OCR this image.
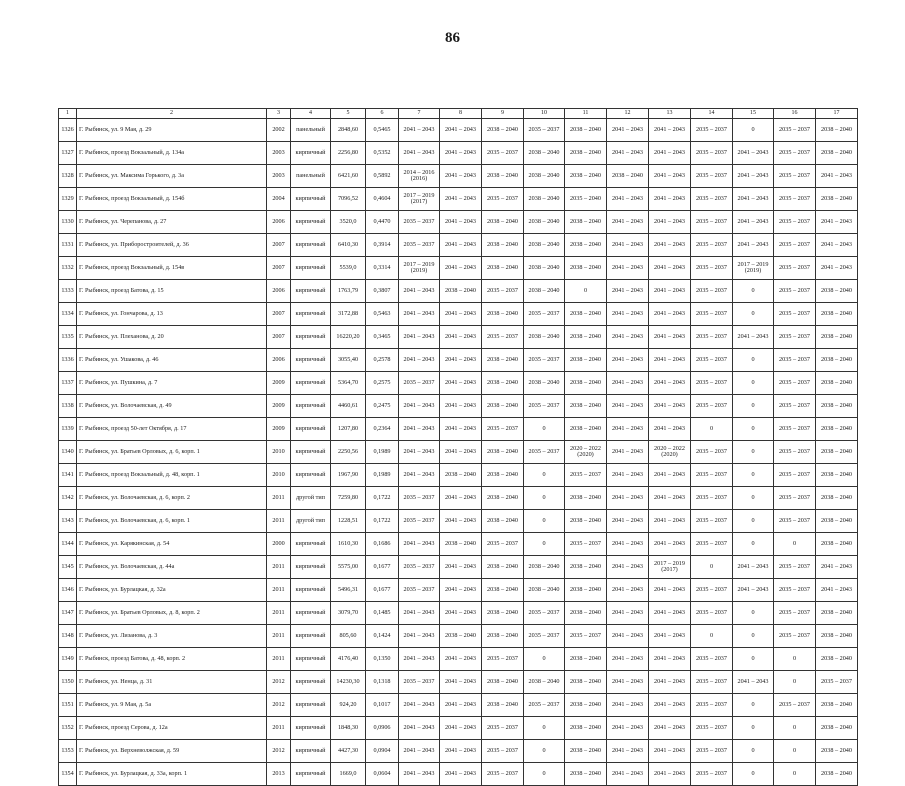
86
1	2	3	4	5	6	7	8	9	10	11	12	13	14	15	16	17
1326	Г. Рыбинск, ул. 9 Мая, д. 29	2002	панельный	2848,60	0,5465	2041 – 2043	2041 – 2043	2038 – 2040	2035 – 2037	2038 – 2040	2041 – 2043	2041 – 2043	2035 – 2037	0	2035 – 2037	2038 – 2040
1327	Г. Рыбинск, проезд Вокзальный, д. 134а	2003	кирпичный	2256,80	0,5352	2041 – 2043	2041 – 2043	2035 – 2037	2038 – 2040	2038 – 2040	2041 – 2043	2041 – 2043	2035 – 2037	2041 – 2043	2035 – 2037	2038 – 2040
1328	Г. Рыбинск, ул. Максима Горького, д. 3а	2003	панельный	6421,60	0,5892	2014 – 2016 (2016)	2041 – 2043	2038 – 2040	2038 – 2040	2038 – 2040	2038 – 2040	2041 – 2043	2035 – 2037	2041 – 2043	2035 – 2037	2041 – 2043
1329	Г. Рыбинск, проезд Вокзальный, д. 154б	2004	кирпичный	7096,52	0,4604	2017 – 2019 (2017)	2041 – 2043	2035 – 2037	2038 – 2040	2035 – 2040	2041 – 2043	2041 – 2043	2035 – 2037	2041 – 2043	2035 – 2037	2038 – 2040
1330	Г. Рыбинск, ул. Черепанова, д. 27	2006	кирпичный	3520,0	0,4470	2035 – 2037	2041 – 2043	2038 – 2040	2038 – 2040	2038 – 2040	2041 – 2043	2041 – 2043	2035 – 2037	2041 – 2043	2035 – 2037	2041 – 2043
1331	Г. Рыбинск, ул. Приборостроителей, д. 36	2007	кирпичный	6410,30	0,3914	2035 – 2037	2041 – 2043	2038 – 2040	2038 – 2040	2038 – 2040	2041 – 2043	2041 – 2043	2035 – 2037	2041 – 2043	2035 – 2037	2041 – 2043
1332	Г. Рыбинск, проезд Вокзальный, д. 154в	2007	кирпичный	5539,0	0,3314	2017 – 2019 (2019)	2041 – 2043	2038 – 2040	2038 – 2040	2038 – 2040	2041 – 2043	2041 – 2043	2035 – 2037	2017 – 2019 (2019)	2035 – 2037	2041 – 2043
1333	Г. Рыбинск, проезд Батова, д. 15	2006	кирпичный	1763,79	0,3807	2041 – 2043	2038 – 2040	2035 – 2037	2038 – 2040	0	2041 – 2043	2041 – 2043	2035 – 2037	0	2035 – 2037	2038 – 2040
1334	Г. Рыбинск, ул. Гончарова, д. 13	2007	кирпичный	3172,88	0,5463	2041 – 2043	2041 – 2043	2038 – 2040	2035 – 2037	2038 – 2040	2041 – 2043	2041 – 2043	2035 – 2037	0	2035 – 2037	2038 – 2040
1335	Г. Рыбинск, ул. Плеханова, д. 20	2007	кирпичный	16220,20	0,3465	2041 – 2043	2041 – 2043	2035 – 2037	2038 – 2040	2038 – 2040	2041 – 2043	2041 – 2043	2035 – 2037	2041 – 2043	2035 – 2037	2038 – 2040
1336	Г. Рыбинск, ул. Ушакова, д. 46	2006	кирпичный	3055,40	0,2578	2041 – 2043	2041 – 2043	2038 – 2040	2035 – 2037	2038 – 2040	2041 – 2043	2041 – 2043	2035 – 2037	0	2035 – 2037	2038 – 2040
1337	Г. Рыбинск, ул. Пушкина, д. 7	2009	кирпичный	5364,70	0,2575	2035 – 2037	2041 – 2043	2038 – 2040	2038 – 2040	2038 – 2040	2041 – 2043	2041 – 2043	2035 – 2037	0	2035 – 2037	2038 – 2040
1338	Г. Рыбинск, ул. Волочаевская, д. 49	2009	кирпичный	4460,61	0,2475	2041 – 2043	2041 – 2043	2038 – 2040	2035 – 2037	2038 – 2040	2041 – 2043	2041 – 2043	2035 – 2037	0	2035 – 2037	2038 – 2040
1339	Г. Рыбинск, проезд 50-лет Октября, д. 17	2009	кирпичный	1207,80	0,2364	2041 – 2043	2041 – 2043	2035 – 2037	0	2038 – 2040	2041 – 2043	2041 – 2043	0	0	2035 – 2037	2038 – 2040
1340	Г. Рыбинск, ул. Братьев Орловых, д. 6, корп. 1	2010	кирпичный	2250,56	0,1989	2041 – 2043	2041 – 2043	2038 – 2040	2035 – 2037	2020 – 2022 (2020)	2041 – 2043	2020 – 2022 (2020)	2035 – 2037	0	2035 – 2037	2038 – 2040
1341	Г. Рыбинск, проезд Вокзальный, д. 48, корп. 1	2010	кирпичный	1967,90	0,1989	2041 – 2043	2038 – 2040	2038 – 2040	0	2035 – 2037	2041 – 2043	2041 – 2043	2035 – 2037	0	2035 – 2037	2038 – 2040
1342	Г. Рыбинск, ул. Волочаевская, д. 6, корп. 2	2011	другой тип	7259,80	0,1722	2035 – 2037	2041 – 2043	2038 – 2040	0	2038 – 2040	2041 – 2043	2041 – 2043	2035 – 2037	0	2035 – 2037	2038 – 2040
1343	Г. Рыбинск, ул. Волочаевская, д. 6, корп. 1	2011	другой тип	1228,51	0,1722	2035 – 2037	2041 – 2043	2038 – 2040	0	2038 – 2040	2041 – 2043	2041 – 2043	2035 – 2037	0	2035 – 2037	2038 – 2040
1344	Г. Рыбинск, ул. Карякинская, д. 54	2000	кирпичный	1610,30	0,1686	2041 – 2043	2038 – 2040	2035 – 2037	0	2035 – 2037	2041 – 2043	2041 – 2043	2035 – 2037	0	0	2038 – 2040
1345	Г. Рыбинск, ул. Волочаевская, д. 44а	2011	кирпичный	5575,00	0,1677	2035 – 2037	2041 – 2043	2038 – 2040	2038 – 2040	2038 – 2040	2041 – 2043	2017 – 2019 (2017)	0	2041 – 2043	2035 – 2037	2041 – 2043
1346	Г. Рыбинск, ул. Бурлацкая, д. 32а	2011	кирпичный	5496,31	0,1677	2035 – 2037	2041 – 2043	2038 – 2040	2038 – 2040	2038 – 2040	2041 – 2043	2041 – 2043	2035 – 2037	2041 – 2043	2035 – 2037	2041 – 2043
1347	Г. Рыбинск, ул. Братьев Орловых, д. 8, корп. 2	2011	кирпичный	3079,70	0,1485	2041 – 2043	2041 – 2043	2038 – 2040	2035 – 2037	2038 – 2040	2041 – 2043	2041 – 2043	2035 – 2037	0	2035 – 2037	2038 – 2040
1348	Г. Рыбинск, ул. Лизанова, д. 3	2011	кирпичный	805,60	0,1424	2041 – 2043	2038 – 2040	2038 – 2040	2035 – 2037	2035 – 2037	2041 – 2043	2041 – 2043	0	0	2035 – 2037	2038 – 2040
1349	Г. Рыбинск, проезд Батова, д. 48, корп. 2	2011	кирпичный	4176,40	0,1350	2041 – 2043	2041 – 2043	2035 – 2037	0	2038 – 2040	2041 – 2043	2041 – 2043	2035 – 2037	0	0	2038 – 2040
1350	Г. Рыбинск, ул. Ненца, д. 31	2012	кирпичный	14230,30	0,1318	2035 – 2037	2041 – 2043	2038 – 2040	2038 – 2040	2038 – 2040	2041 – 2043	2041 – 2043	2035 – 2037	2041 – 2043	0	2035 – 2037
1351	Г. Рыбинск, ул. 9 Мая, д. 5а	2012	кирпичный	924,20	0,1017	2041 – 2043	2041 – 2043	2038 – 2040	2035 – 2037	2038 – 2040	2041 – 2043	2041 – 2043	2035 – 2037	0	2035 – 2037	2038 – 2040
1352	Г. Рыбинск, проезд Серова, д. 12а	2011	кирпичный	1848,30	0,0906	2041 – 2043	2041 – 2043	2035 – 2037	0	2038 – 2040	2041 – 2043	2041 – 2043	2035 – 2037	0	0	2038 – 2040
1353	Г. Рыбинск, ул. Верхневолжская, д. 59	2012	кирпичный	4427,30	0,0904	2041 – 2043	2041 – 2043	2035 – 2037	0	2038 – 2040	2041 – 2043	2041 – 2043	2035 – 2037	0	0	2038 – 2040
1354	Г. Рыбинск, ул. Бурлацкая, д. 33а, корп. 1	2013	кирпичный	1669,0	0,0604	2041 – 2043	2041 – 2043	2035 – 2037	0	2038 – 2040	2041 – 2043	2041 – 2043	2035 – 2037	0	0	2038 – 2040
